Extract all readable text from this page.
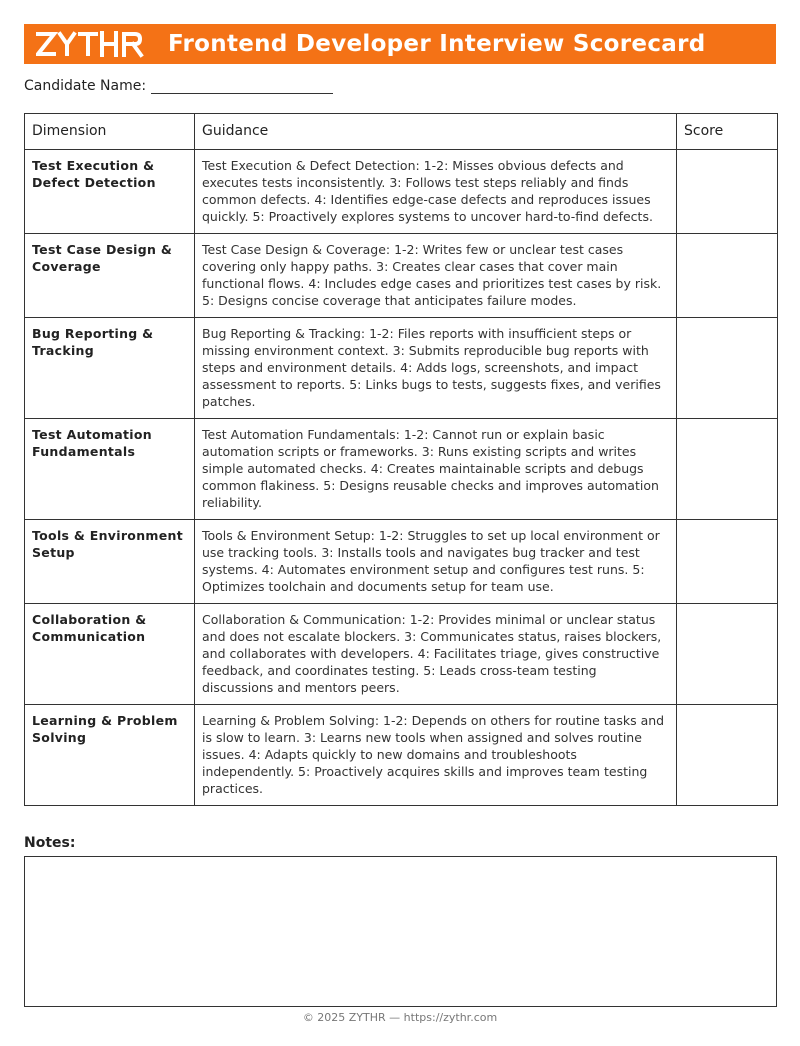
Frontend Developer Interview Scorecard
Candidate Name:
Dimension	Guidance	Score
Test Execution & Defect Detection	Test Execution & Defect Detection: 1-2: Misses obvious defects and executes tests inconsistently. 3: Follows test steps reliably and finds common defects. 4: Identifies edge-case defects and reproduces issues quickly. 5: Proactively explores systems to uncover hard-to-find defects.	
Test Case Design & Coverage	Test Case Design & Coverage: 1-2: Writes few or unclear test cases covering only happy paths. 3: Creates clear cases that cover main functional flows. 4: Includes edge cases and prioritizes test cases by risk. 5: Designs concise coverage that anticipates failure modes.	
Bug Reporting & Tracking	Bug Reporting & Tracking: 1-2: Files reports with insufficient steps or missing environment context. 3: Submits reproducible bug reports with steps and environment details. 4: Adds logs, screenshots, and impact assessment to reports. 5: Links bugs to tests, suggests fixes, and verifies patches.	
Test Automation Fundamentals	Test Automation Fundamentals: 1-2: Cannot run or explain basic automation scripts or frameworks. 3: Runs existing scripts and writes simple automated checks. 4: Creates maintainable scripts and debugs common flakiness. 5: Designs reusable checks and improves automation reliability.	
Tools & Environment Setup	Tools & Environment Setup: 1-2: Struggles to set up local environment or use tracking tools. 3: Installs tools and navigates bug tracker and test systems. 4: Automates environment setup and configures test runs. 5: Optimizes toolchain and documents setup for team use.	
Collaboration & Communication	Collaboration & Communication: 1-2: Provides minimal or unclear status and does not escalate blockers. 3: Communicates status, raises blockers, and collaborates with developers. 4: Facilitates triage, gives constructive feedback, and coordinates testing. 5: Leads cross-team testing discussions and mentors peers.	
Learning & Problem Solving	Learning & Problem Solving: 1-2: Depends on others for routine tasks and is slow to learn. 3: Learns new tools when assigned and solves routine issues. 4: Adapts quickly to new domains and troubleshoots independently. 5: Proactively acquires skills and improves team testing practices.	
Notes:
© 2025 ZYTHR — https://zythr.com
